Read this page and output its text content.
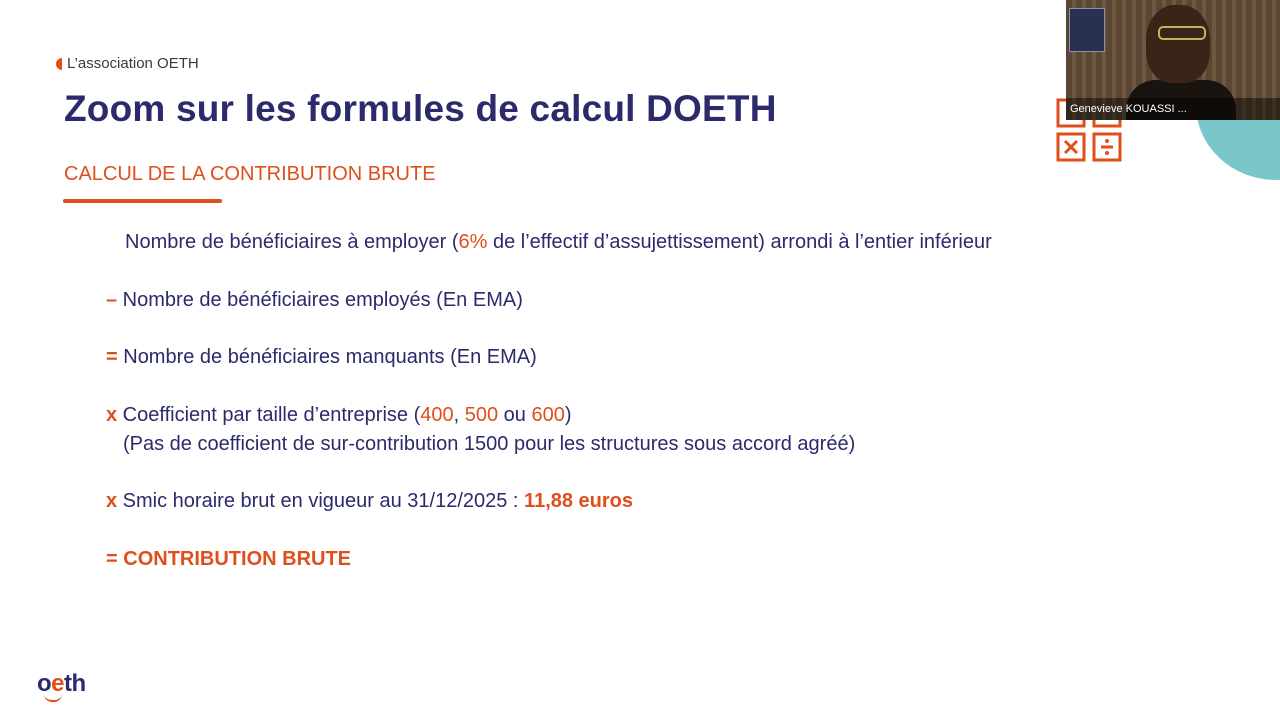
L’association OETH
Zoom sur les formules de calcul DOETH
CALCUL DE LA CONTRIBUTION BRUTE
Nombre de bénéficiaires à employer (6% de l’effectif d’assujettissement) arrondi à l’entier inférieur
– Nombre de bénéficiaires employés (En EMA)
= Nombre de bénéficiaires manquants (En EMA)
x Coefficient par taille d’entreprise (400, 500 ou 600)
(Pas de coefficient de sur-contribution 1500 pour les structures sous accord agréé)
x Smic horaire brut en vigueur au 31/12/2025 : 11,88 euros
= CONTRIBUTION BRUTE
oeth
Genevieve KOUASSI ...
